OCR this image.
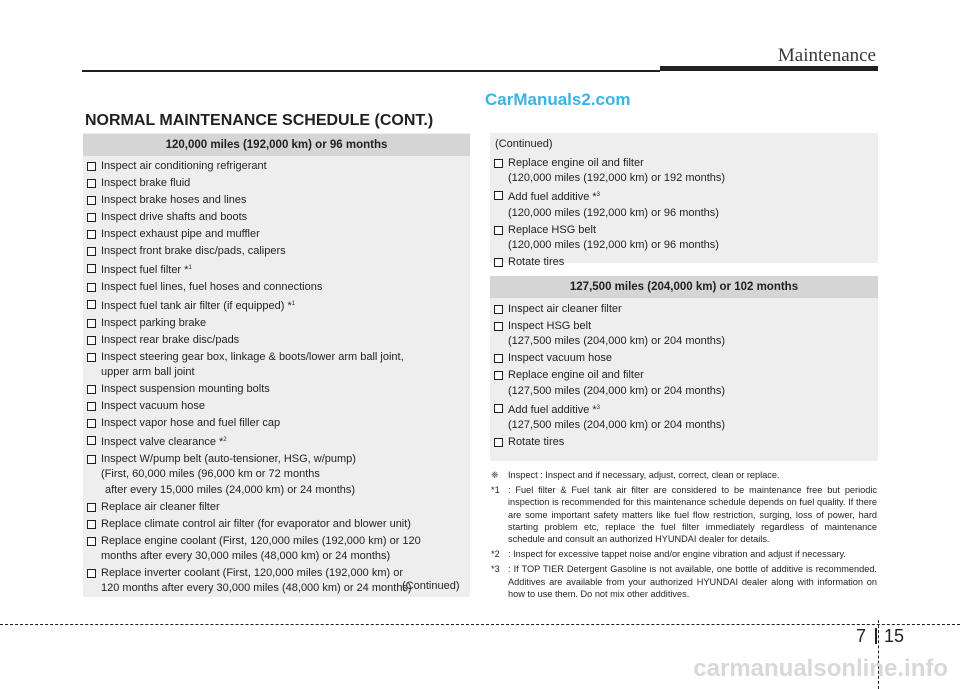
Maintenance
CarManuals2.com
NORMAL MAINTENANCE SCHEDULE (CONT.)
120,000 miles (192,000 km) or 96 months
Inspect air conditioning refrigerant
Inspect brake fluid
Inspect brake hoses and lines
Inspect drive shafts and boots
Inspect exhaust pipe and muffler
Inspect front brake disc/pads, calipers
Inspect fuel filter *$^1$
Inspect fuel lines, fuel hoses and connections
Inspect fuel tank air filter (if equipped) *$^1$
Inspect parking brake
Inspect rear brake disc/pads
Inspect steering gear box, linkage & boots/lower arm ball joint,
upper arm ball joint
Inspect suspension mounting bolts
Inspect vacuum hose
Inspect vapor hose and fuel filler cap
Inspect valve clearance *$^2$
Inspect W/pump belt (auto-tensioner, HSG, w/pump)
(First, 60,000 miles (96,000 km or 72 months
after every 15,000 miles (24,000 km) or 24 months)
Replace air cleaner filter
Replace climate control air filter (for evaporator and blower unit)
Replace engine coolant (First, 120,000 miles (192,000 km) or 120
months after every 30,000 miles (48,000 km) or 24 months)
Replace inverter coolant (First, 120,000 miles (192,000 km) or
120 months after every 30,000 miles (48,000 km) or 24 months)
(Continued)
(Continued)
Replace engine oil and filter
(120,000 miles (192,000 km) or 192 months)
Add fuel additive *$^3$
(120,000 miles (192,000 km) or 96 months)
Replace HSG belt
(120,000 miles (192,000 km) or 96 months)
Rotate tires
127,500 miles (204,000 km) or 102 months
Inspect air cleaner filter
Inspect HSG belt
(127,500 miles (204,000 km) or 204 months)
Inspect vacuum hose
Replace engine oil and filter
(127,500 miles (204,000 km) or 204 months)
Add fuel additive *$^3$
(127,500 miles (204,000 km) or 204 months)
Rotate tires

❈ Inspect : Inspect and if necessary, adjust, correct, clean or replace.

*1 : Fuel filter & Fuel tank air filter are considered to be maintenance free but periodic inspection is recommended for this maintenance schedule depends on fuel quality. If there are some important safety matters like fuel flow restriction, surging, loss of power, hard starting problem etc, replace the fuel filter immediately regardless of maintenance schedule and consult an authorized HYUNDAI dealer for details.

*2 : Inspect for excessive tappet noise and/or engine vibration and adjust if necessary.

*3 : If TOP TIER Detergent Gasoline is not available, one bottle of additive is recommended. Additives are available from your authorized HYUNDAI dealer along with information on how to use them. Do not mix other additives.

7 15
carmanualsonline.info
